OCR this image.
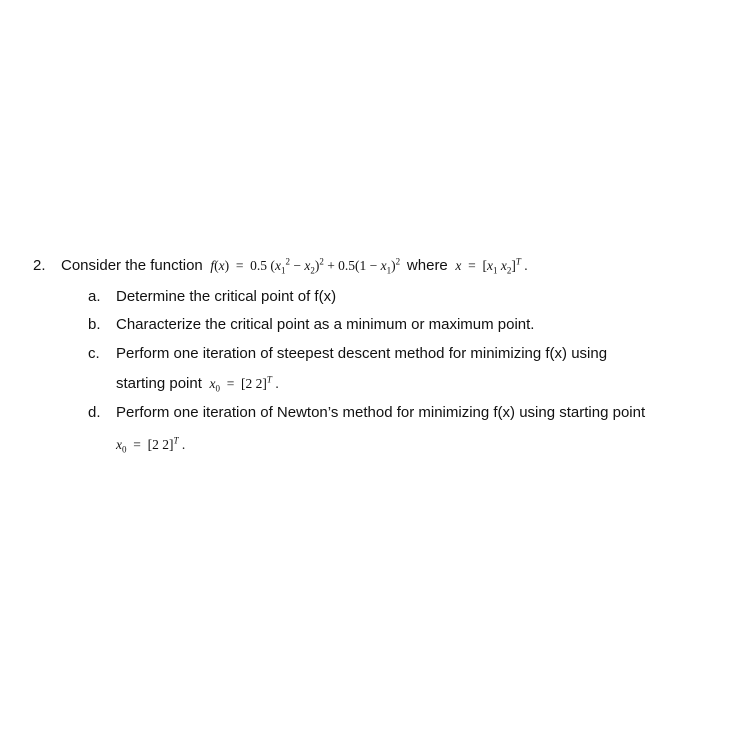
2. Consider the function f(x)  =  0.5 $(x_1^2 - x_2)^2 + 0.5(1 - x_1)^2$ where $x = [x_1$ $x_2]^T$ .
a. Determine the critical point of f(x)
b. Characterize the critical point as a minimum or maximum point.
c. Perform one iteration of steepest descent method for minimizing f(x) using
starting point $x_0 = [2$ 2]$^T$ .
d. Perform one iteration of Newton’s method for minimizing f(x) using starting point
$x_0 = [2$ 2]$^T$ .
